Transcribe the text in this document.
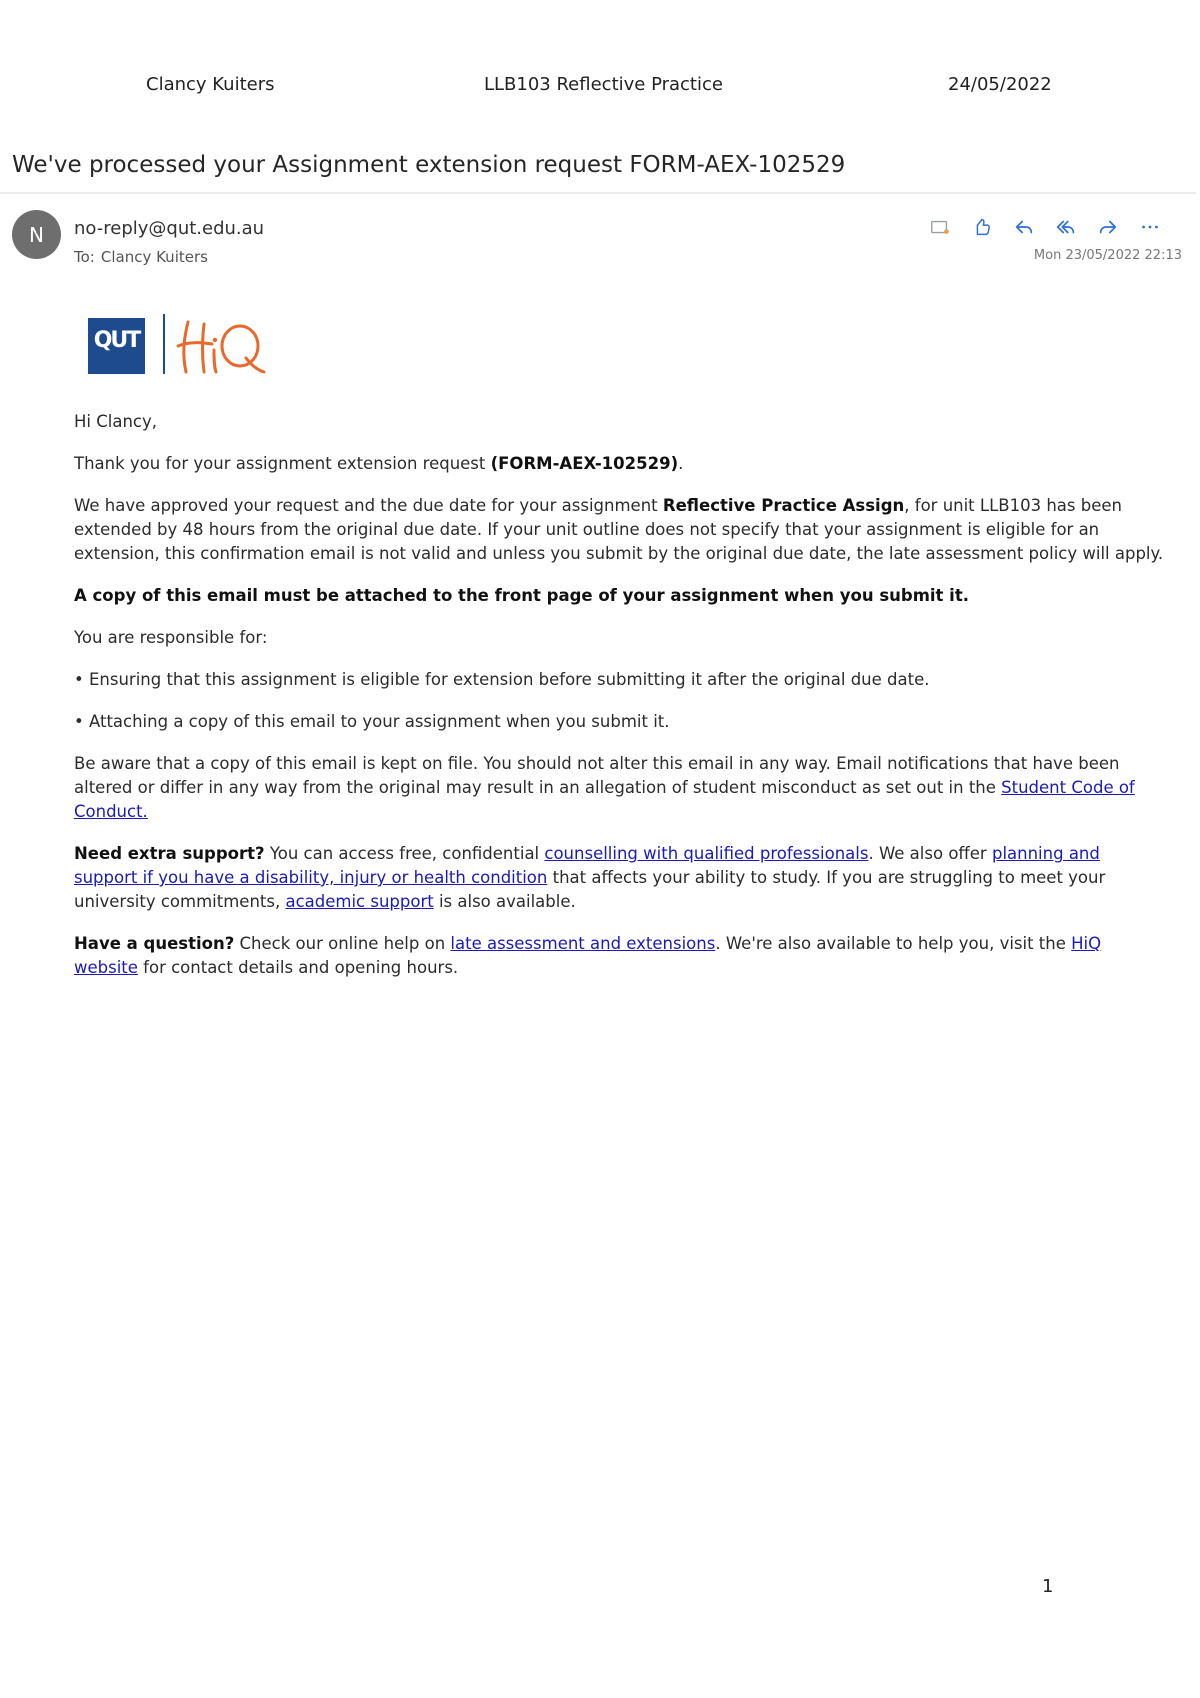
Clancy Kuiters	LLB103 Reflective Practice	24/05/2022
We've processed your Assignment extension request FORM-AEX-102529
N	no-reply@qut.edu.au
To: Clancy Kuiters	Mon 23/05/2022 22:13
QUT

Hi Clancy,

Thank you for your assignment extension request (FORM-AEX-102529).

We have approved your request and the due date for your assignment Reflective Practice Assign, for unit LLB103 has been extended by 48 hours from the original due date. If your unit outline does not specify that your assignment is eligible for an extension, this confirmation email is not valid and unless you submit by the original due date, the late assessment policy will apply.

A copy of this email must be attached to the front page of your assignment when you submit it.

You are responsible for:

• Ensuring that this assignment is eligible for extension before submitting it after the original due date.

• Attaching a copy of this email to your assignment when you submit it.

Be aware that a copy of this email is kept on file. You should not alter this email in any way. Email notifications that have been altered or differ in any way from the original may result in an allegation of student misconduct as set out in the Student Code of Conduct.

Need extra support? You can access free, confidential counselling with qualified professionals. We also offer planning and support if you have a disability, injury or health condition that affects your ability to study. If you are struggling to meet your university commitments, academic support is also available.

Have a question? Check our online help on late assessment and extensions. We're also available to help you, visit the HiQ website for contact details and opening hours.

1
